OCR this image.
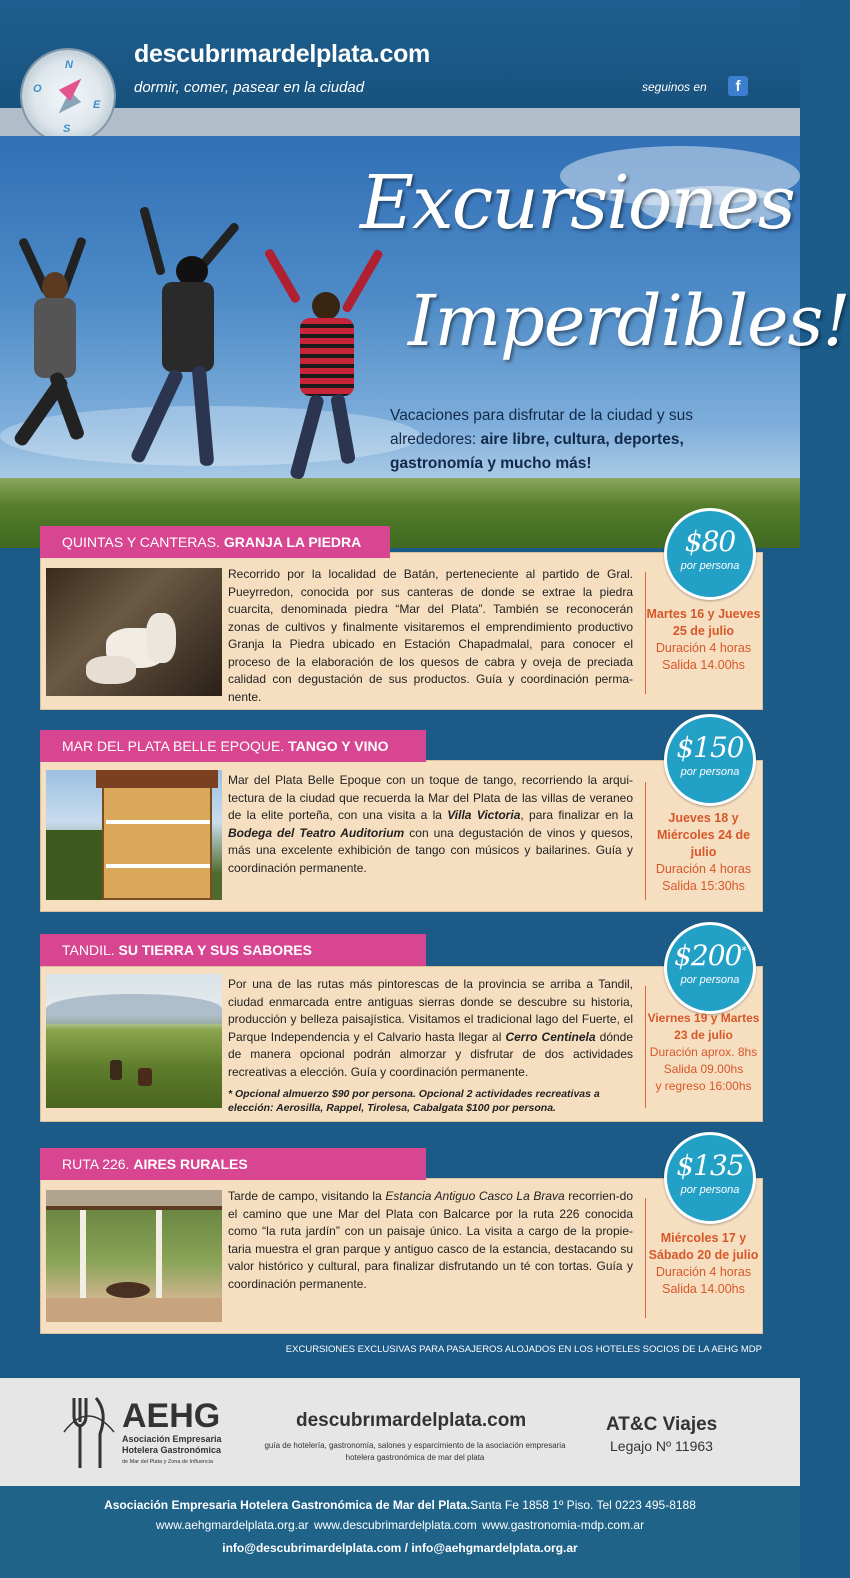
N
O
E
S
descubrımardelplata.com
dormir, comer, pasear en la ciudad	seguinos en	f
Excursiones
Imperdibles!
Vacaciones para disfrutar de la ciudad y sus alrededores: aire libre, cultura, deportes, gastronomía y mucho más!
QUINTAS Y CANTERAS. GRANJA LA PIEDRA
Recorrido por la localidad de Batán, perteneciente al partido de Gral. Pueyrredon, conocida por sus canteras de donde se extrae la piedra cuarcita, denominada piedra “Mar del Plata”. También se reconocerán zonas de cultivos y finalmente visitaremos el emprendimiento productivo Granja la Piedra ubicado en Estación Chapadmalal, para conocer el proceso de la elaboración de los quesos de cabra y oveja de preciada calidad con degustación de sus productos. Guía y coordinación perma-nente.
$80
por persona
Martes 16 y Jueves 25 de julio
Duración 4 horas
Salida 14.00hs
MAR DEL PLATA BELLE EPOQUE. TANGO Y VINO
Mar del Plata Belle Epoque con un toque de tango, recorriendo la arqui-tectura de la ciudad que recuerda la Mar del Plata de las villas de veraneo de la elite porteña, con una visita a la Villa Victoria, para finalizar en la Bodega del Teatro Auditorium con una degustación de vinos y quesos, más una excelente exhibición de tango con músicos y bailarines. Guía y coordinación permanente.
$150
por persona
Jueves 18 y Miércoles 24 de julio
Duración 4 horas
Salida 15:30hs
TANDIL. SU TIERRA Y SUS SABORES
Por una de las rutas más pintorescas de la provincia se arriba a Tandil, ciudad enmarcada entre antiguas sierras donde se descubre su historia, producción y belleza paisajística. Visitamos el tradicional lago del Fuerte, el Parque Independencia y el Calvario hasta llegar al Cerro Centinela dónde de manera opcional podrán almorzar y disfrutar de dos actividades recreativas a elección. Guía y coordinación permanente.
* Opcional almuerzo $90 por persona. Opcional 2 actividades recreativas a elección: Aerosilla, Rappel, Tirolesa, Cabalgata $100 por persona.
$200*
por persona
Viernes 19 y Martes 23 de julio
Duración aprox. 8hs
Salida 09.00hs
y regreso 16:00hs
RUTA 226. AIRES RURALES
Tarde de campo, visitando la Estancia Antiguo Casco La Brava recorrien-do el camino que une Mar del Plata con Balcarce por la ruta 226 conocida como “la ruta jardín” con un paisaje único. La visita a cargo de la propie-taria muestra el gran parque y antiguo casco de la estancia, destacando su valor histórico y cultural, para finalizar disfrutando un té con tortas. Guía y coordinación permanente.
$135
por persona
Miércoles 17 y Sábado 20 de julio
Duración 4 horas
Salida 14.00hs
EXCURSIONES EXCLUSIVAS PARA PASAJEROS ALOJADOS EN LOS HOTELES SOCIOS DE LA AEHG MDP
AEHG
Asociación Empresaria
Hotelera Gastronómica
de Mar del Plata y Zona de Influencia
descubrımardelplata.com
guía de hotelería, gastronomía, salones y esparcimiento de la asociación empresaria hotelera gastronómica de mar del plata
AT&C Viajes
Legajo Nº 11963
Asociación Empresaria Hotelera Gastronómica de Mar del Plata.Santa Fe 1858 1º Piso. Tel 0223 495-8188
www.aehgmardelplata.org.ar www.descubrimardelplata.com www.gastronomia-mdp.com.ar
info@descubrimardelplata.com / info@aehgmardelplata.org.ar
